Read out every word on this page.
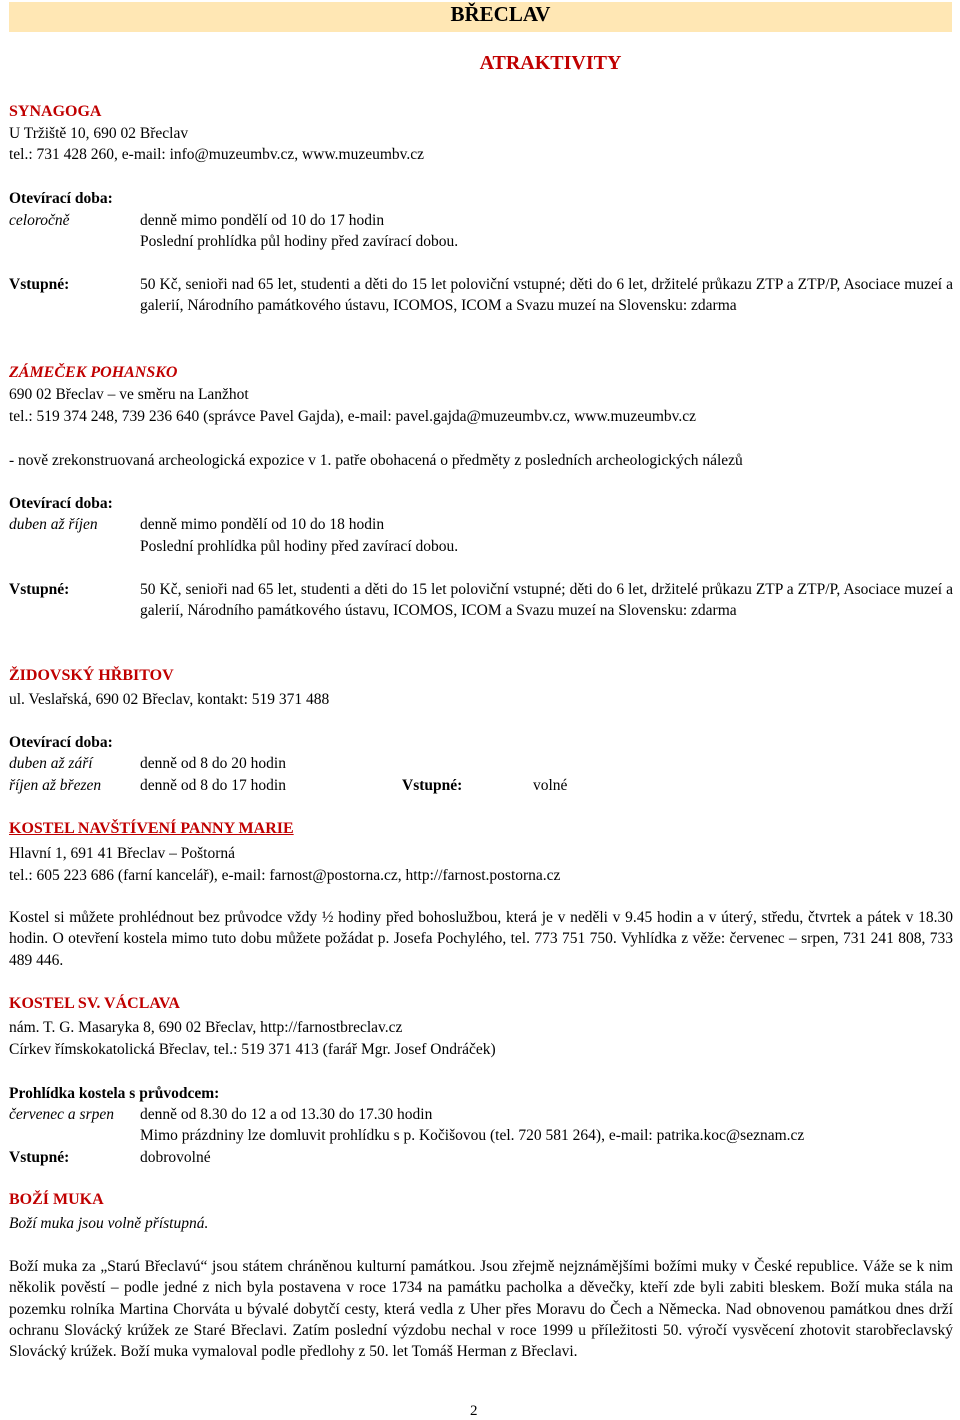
BŘECLAV
ATRAKTIVITY
SYNAGOGA
U Tržiště 10, 690 02 Břeclav
tel.: 731 428 260, e-mail: info@muzeumbv.cz, www.muzeumbv.cz
Otevírací doba:
celoročně	denně mimo pondělí od 10 do 17 hodin
Poslední prohlídka půl hodiny před zavírací dobou.
Vstupné:	50 Kč, senioři nad 65 let, studenti a děti do 15 let poloviční vstupné; děti do 6 let, držitelé průkazu ZTP a ZTP/P, Asociace muzeí a galerií, Národního památkového ústavu, ICOMOS, ICOM a Svazu muzeí na Slovensku: zdarma
ZÁMEČEK POHANSKO
690 02 Břeclav – ve směru na Lanžhot
tel.: 519 374 248, 739 236 640 (správce Pavel Gajda), e-mail: pavel.gajda@muzeumbv.cz, www.muzeumbv.cz
- nově zrekonstruovaná archeologická expozice v 1. patře obohacená o předměty z posledních archeologických nálezů
Otevírací doba:
duben až říjen	denně mimo pondělí od 10 do 18 hodin
Poslední prohlídka půl hodiny před zavírací dobou.
Vstupné:	50 Kč, senioři nad 65 let, studenti a děti do 15 let poloviční vstupné; děti do 6 let, držitelé průkazu ZTP a ZTP/P, Asociace muzeí a galerií, Národního památkového ústavu, ICOMOS, ICOM a Svazu muzeí na Slovensku: zdarma
ŽIDOVSKÝ HŘBITOV
ul. Veslařská, 690 02 Břeclav, kontakt: 519 371 488
Otevírací doba:
duben až září	denně od 8 do 20 hodin
říjen až březen	denně od 8 do 17 hodin	Vstupné:	volné
KOSTEL NAVŠTÍVENÍ PANNY MARIE
Hlavní 1, 691 41 Břeclav – Poštorná
tel.: 605 223 686 (farní kancelář), e-mail: farnost@postorna.cz, http://farnost.postorna.cz
Kostel si můžete prohlédnout bez průvodce vždy ½ hodiny před bohoslužbou, která je v neděli v 9.45 hodin a v úterý, středu, čtvrtek a pátek v 18.30 hodin. O otevření kostela mimo tuto dobu můžete požádat p. Josefa Pochylého, tel. 773 751 750. Vyhlídka z věže: červenec – srpen, 731 241 808, 733 489 446.
KOSTEL SV. VÁCLAVA
nám. T. G. Masaryka 8, 690 02 Břeclav, http://farnostbreclav.cz
Církev římskokatolická Břeclav, tel.: 519 371 413 (farář Mgr. Josef Ondráček)
Prohlídka kostela s průvodcem:
červenec a srpen denně od 8.30 do 12 a od 13.30 do 17.30 hodin
Mimo prázdniny lze domluvit prohlídku s p. Kočišovou (tel. 720 581 264), e-mail: patrika.koc@seznam.cz
Vstupné:	dobrovolné
BOŽÍ MUKA
Boží muka jsou volně přístupná.
Boží muka za „Starú Břeclavú“ jsou státem chráněnou kulturní památkou. Jsou zřejmě nejznámějšími božími muky v České republice. Váže se k nim několik pověstí – podle jedné z nich byla postavena v roce 1734 na památku pacholka a děvečky, kteří zde byli zabiti bleskem. Boží muka stála na pozemku rolníka Martina Chorváta u bývalé dobytčí cesty, která vedla z Uher přes Moravu do Čech a Německa. Nad obnovenou památkou dnes drží ochranu Slovácký krúžek ze Staré Břeclavi. Zatím poslední výzdobu nechal v roce 1999 u příležitosti 50. výročí vysvěcení zhotovit starobřeclavský Slovácký krúžek. Boží muka vymaloval podle předlohy z 50. let Tomáš Herman z Břeclavi.
2
